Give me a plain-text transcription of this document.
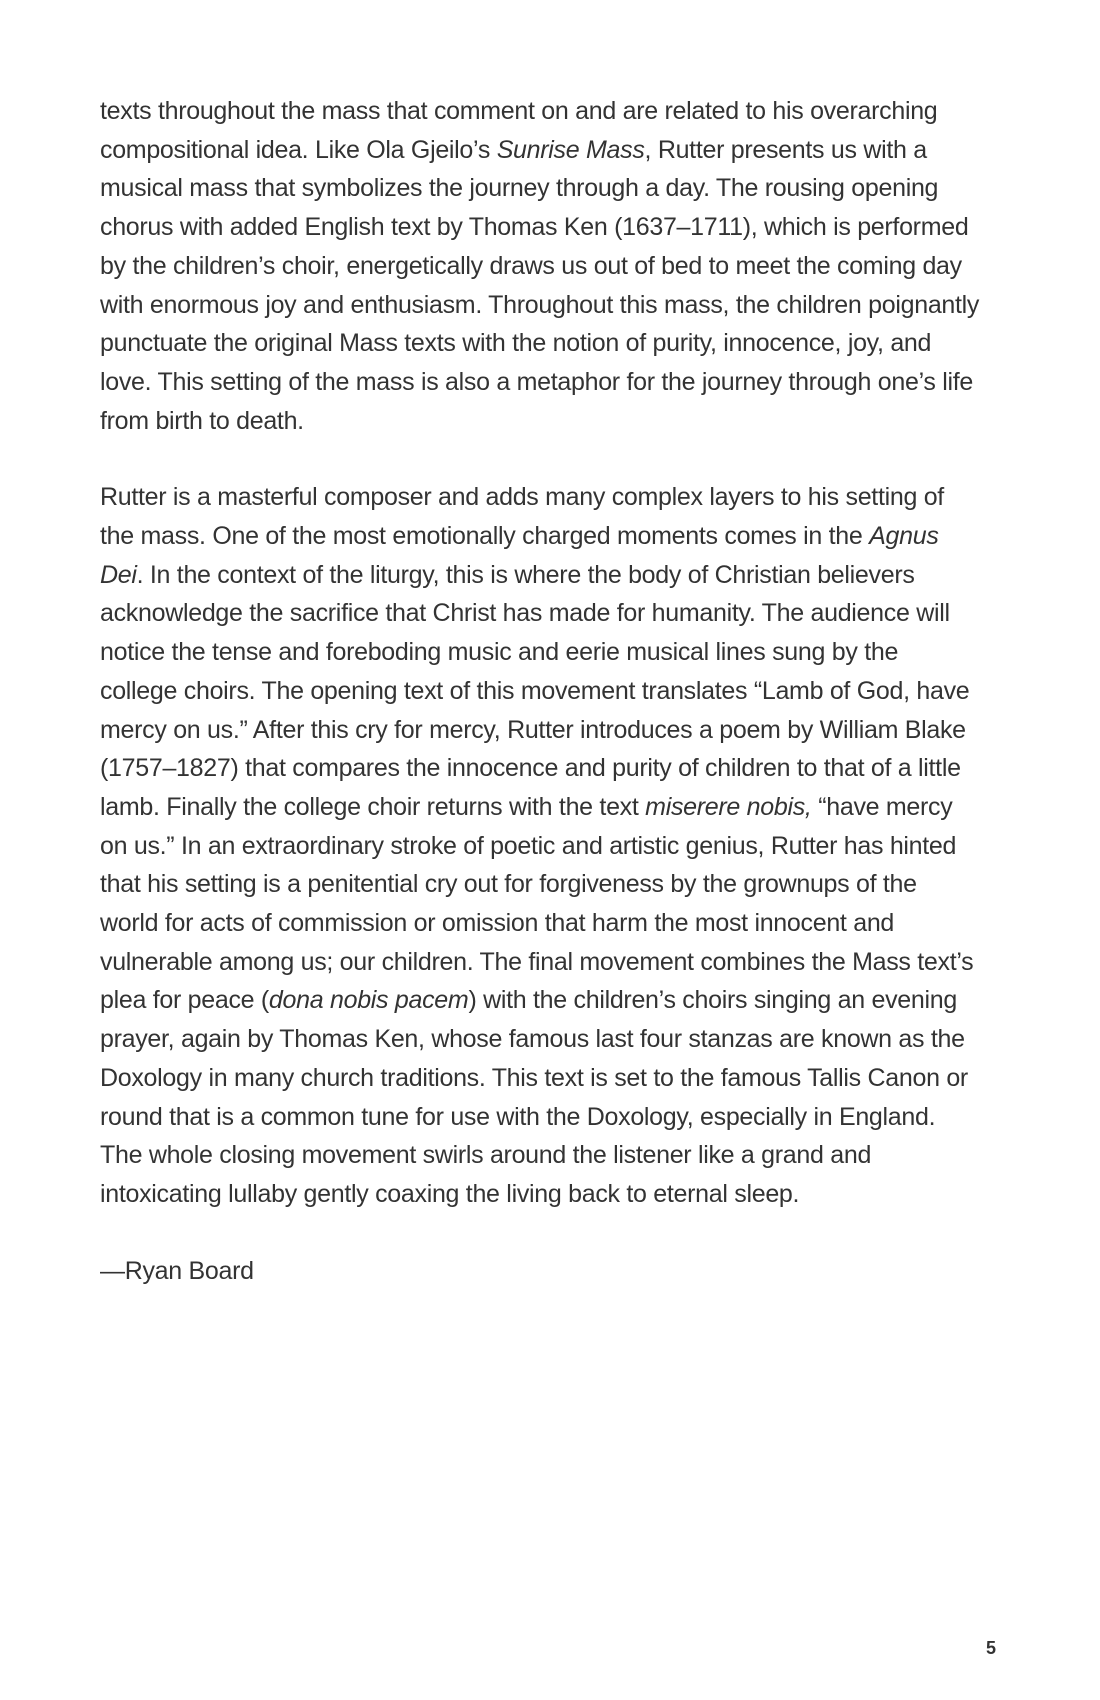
texts throughout the mass that comment on and are related to his overarching compositional idea. Like Ola Gjeilo’s Sunrise Mass, Rutter presents us with a musical mass that symbolizes the journey through a day. The rousing opening chorus with added English text by Thomas Ken (1637–1711), which is performed by the children’s choir, energetically draws us out of bed to meet the coming day with enormous joy and enthusiasm. Throughout this mass, the children poignantly punctuate the original Mass texts with the notion of purity, innocence, joy, and love. This setting of the mass is also a metaphor for the journey through one’s life from birth to death.

Rutter is a masterful composer and adds many complex layers to his setting of the mass. One of the most emotionally charged moments comes in the Agnus Dei. In the context of the liturgy, this is where the body of Christian believers acknowledge the sacrifice that Christ has made for humanity. The audience will notice the tense and foreboding music and eerie musical lines sung by the college choirs. The opening text of this movement translates “Lamb of God, have mercy on us.” After this cry for mercy, Rutter introduces a poem by William Blake (1757–1827) that compares the innocence and purity of children to that of a little lamb. Finally the college choir returns with the text miserere nobis, “have mercy on us.” In an extraordinary stroke of poetic and artistic genius, Rutter has hinted that his setting is a penitential cry out for forgiveness by the grownups of the world for acts of commission or omission that harm the most innocent and vulnerable among us; our children. The final movement combines the Mass text’s plea for peace (dona nobis pacem) with the children’s choirs singing an evening prayer, again by Thomas Ken, whose famous last four stanzas are known as the Doxology in many church traditions. This text is set to the famous Tallis Canon or round that is a common tune for use with the Doxology, especially in England. The whole closing movement swirls around the listener like a grand and intoxicating lullaby gently coaxing the living back to eternal sleep.

—Ryan Board

5
